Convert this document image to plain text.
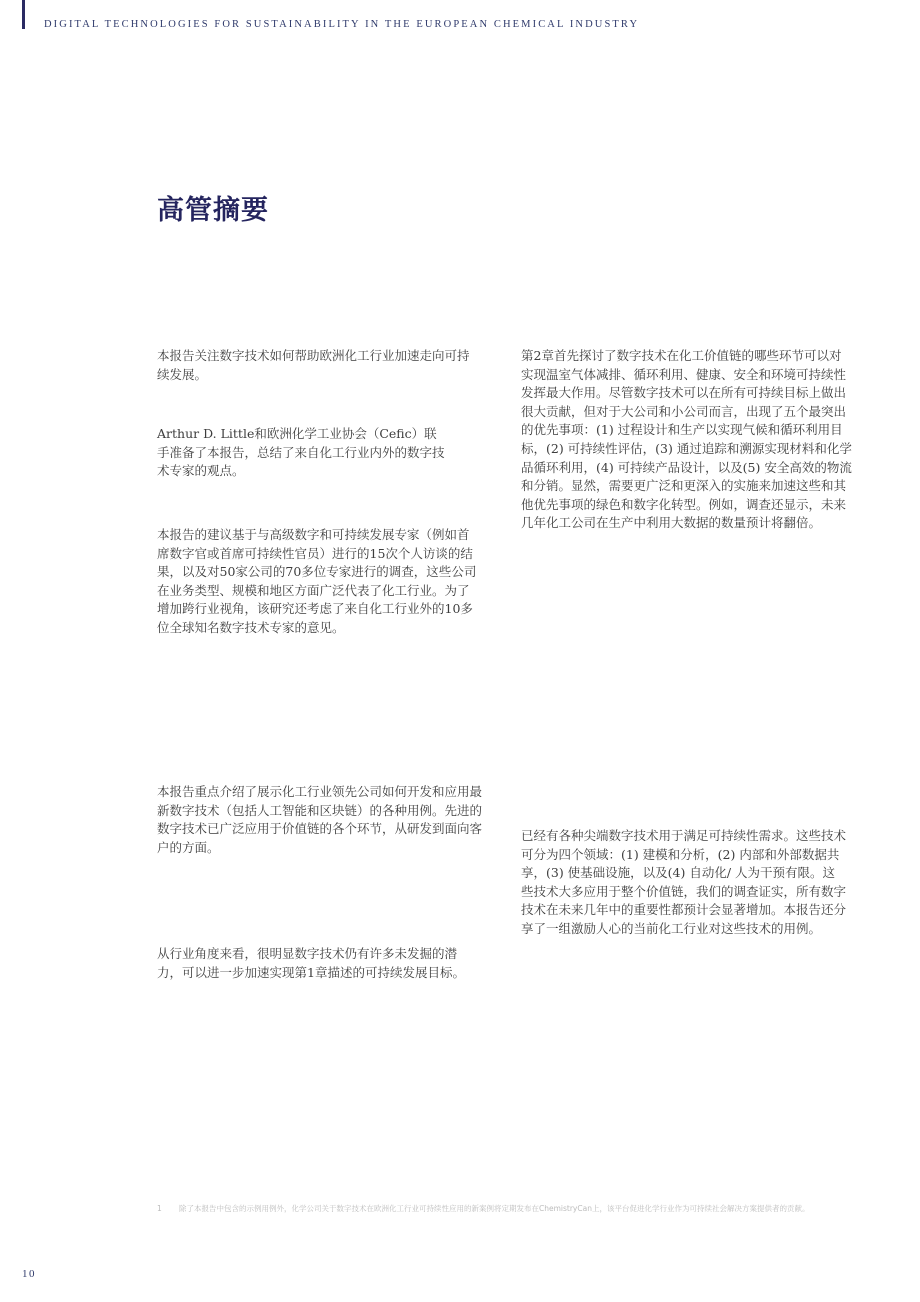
DIGITAL TECHNOLOGIES FOR SUSTAINABILITY IN THE EUROPEAN CHEMICAL INDUSTRY
高管摘要

本报告关注数字技术如何帮助欧洲化工行业加速走向可持续发展。

Arthur D. Little和欧洲化学工业协会（Cefic）联手准备了本报告，总结了来自化工行业内外的数字技术专家的观点。

本报告的建议基于与高级数字和可持续发展专家（例如首席数字官或首席可持续性官员）进行的15次个人访谈的结果，以及对50家公司的70多位专家进行的调查，这些公司在业务类型、规模和地区方面广泛代表了化工行业。为了增加跨行业视角，该研究还考虑了来自化工行业外的10多位全球知名数字技术专家的意见。

本报告重点介绍了展示化工行业领先公司如何开发和应用最新数字技术（包括人工智能和区块链）的各种用例。先进的数字技术已广泛应用于价值链的各个环节，从研发到面向客户的方面。

从行业角度来看，很明显数字技术仍有许多未发掘的潜力，可以进一步加速实现第1章描述的可持续发展目标。

第2章首先探讨了数字技术在化工价值链的哪些环节可以对实现温室气体减排、循环利用、健康、安全和环境可持续性发挥最大作用。尽管数字技术可以在所有可持续目标上做出很大贡献，但对于大公司和小公司而言，出现了五个最突出的优先事项：(1) 过程设计和生产以实现气候和循环利用目标，(2) 可持续性评估，(3) 通过追踪和溯源实现材料和化学品循环利用，(4) 可持续产品设计，以及(5) 安全高效的物流和分销。显然，需要更广泛和更深入的实施来加速这些和其他优先事项的绿色和数字化转型。例如，调查还显示，未来几年化工公司在生产中利用大数据的数量预计将翻倍。

已经有各种尖端数字技术用于满足可持续性需求。这些技术可分为四个领域：(1) 建模和分析，(2) 内部和外部数据共享，(3) 使基础设施，以及(4) 自动化/ 人为干预有限。这些技术大多应用于整个价值链，我们的调查证实，所有数字技术在未来几年中的重要性都预计会显著增加。本报告还分享了一组激励人心的当前化工行业对这些技术的用例。

1 除了本报告中包含的示例用例外，化学公司关于数字技术在欧洲化工行业可持续性应用的新案例将定期发布在ChemistryCan上，该平台促进化学行业作为可持续社会解决方案提供者的贡献。
10
